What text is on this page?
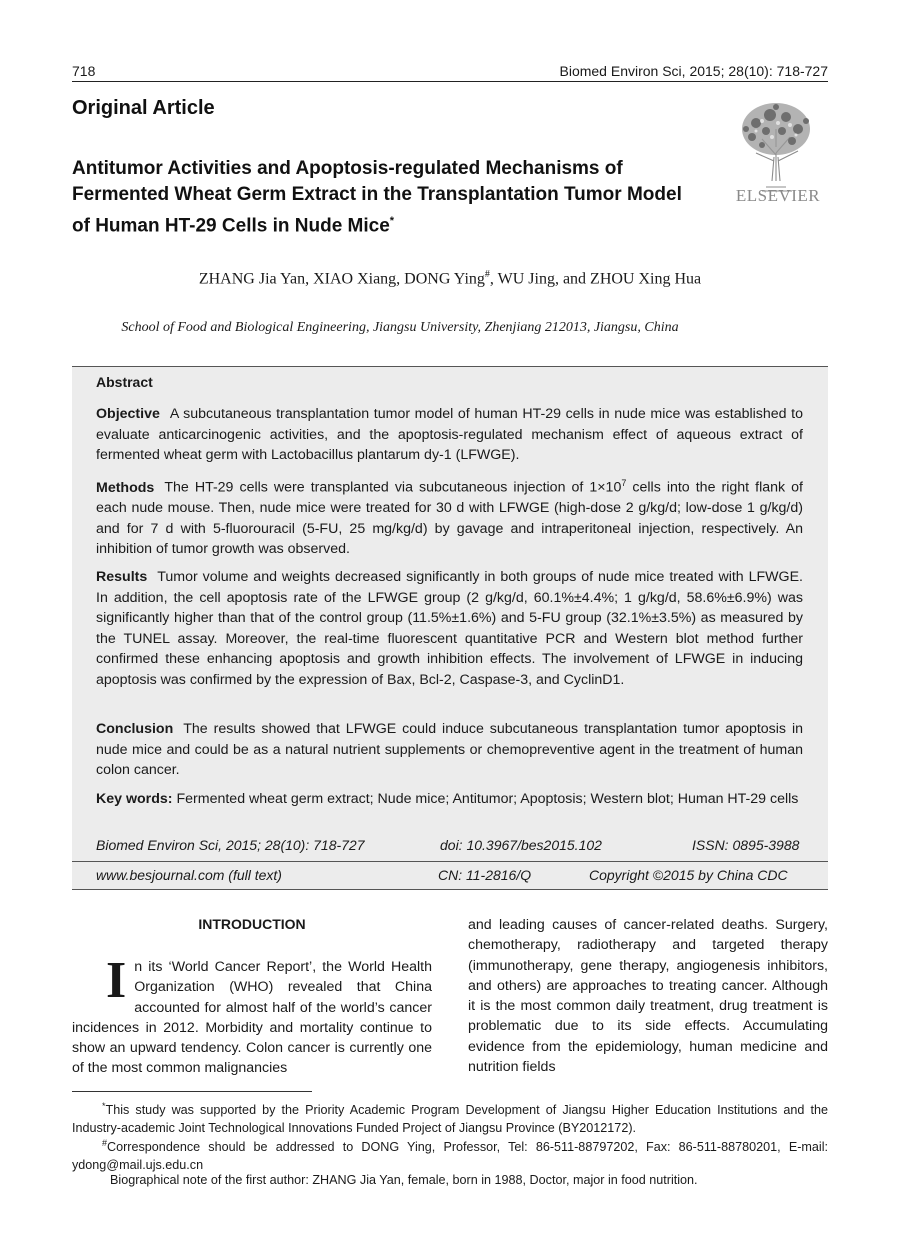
718	Biomed Environ Sci, 2015; 28(10): 718-727
Original Article
Antitumor Activities and Apoptosis-regulated Mechanisms of Fermented Wheat Germ Extract in the Transplantation Tumor Model of Human HT-29 Cells in Nude Mice*
ELSEVIER
ZHANG Jia Yan, XIAO Xiang, DONG Ying#, WU Jing, and ZHOU Xing Hua
School of Food and Biological Engineering, Jiangsu University, Zhenjiang 212013, Jiangsu, China
Abstract
Objective A subcutaneous transplantation tumor model of human HT-29 cells in nude mice was established to evaluate anticarcinogenic activities, and the apoptosis-regulated mechanism effect of aqueous extract of fermented wheat germ with Lactobacillus plantarum dy-1 (LFWGE).
Methods The HT-29 cells were transplanted via subcutaneous injection of $1\times 10^7$ cells into the right flank of each nude mouse. Then, nude mice were treated for 30 d with LFWGE (high-dose 2 g/kg/d; low-dose 1 g/kg/d) and for 7 d with 5-fluorouracil (5-FU, 25 mg/kg/d) by gavage and intraperitoneal injection, respectively. An inhibition of tumor growth was observed.
Results Tumor volume and weights decreased significantly in both groups of nude mice treated with LFWGE. In addition, the cell apoptosis rate of the LFWGE group (2 g/kg/d, 60.1%±4.4%; 1 g/kg/d, 58.6%±6.9%) was significantly higher than that of the control group (11.5%±1.6%) and 5-FU group (32.1%±3.5%) as measured by the TUNEL assay. Moreover, the real-time fluorescent quantitative PCR and Western blot method further confirmed these enhancing apoptosis and growth inhibition effects. The involvement of LFWGE in inducing apoptosis was confirmed by the expression of Bax, Bcl-2, Caspase-3, and CyclinD1.
Conclusion The results showed that LFWGE could induce subcutaneous transplantation tumor apoptosis in nude mice and could be as a natural nutrient supplements or chemopreventive agent in the treatment of human colon cancer.
Key words: Fermented wheat germ extract; Nude mice; Antitumor; Apoptosis; Western blot; Human HT-29 cells
Biomed Environ Sci, 2015; 28(10): 718-727	doi: 10.3967/bes2015.102	ISSN: 0895-3988
www.besjournal.com (full text)	CN: 11-2816/Q	Copyright ©2015 by China CDC
INTRODUCTION
In its ‘World Cancer Report’, the World Health Organization (WHO) revealed that China accounted for almost half of the world’s cancer incidences in 2012. Morbidity and mortality continue to show an upward tendency. Colon cancer is currently one of the most common malignancies
and leading causes of cancer-related deaths. Surgery, chemotherapy, radiotherapy and targeted therapy (immunotherapy, gene therapy, angiogenesis inhibitors, and others) are approaches to treating cancer. Although it is the most common daily treatment, drug treatment is problematic due to its side effects. Accumulating evidence from the epidemiology, human medicine and nutrition fields
*This study was supported by the Priority Academic Program Development of Jiangsu Higher Education Institutions and the Industry-academic Joint Technological Innovations Funded Project of Jiangsu Province (BY2012172).
#Correspondence should be addressed to DONG Ying, Professor, Tel: 86-511-88797202, Fax: 86-511-88780201, E-mail: ydong@mail.ujs.edu.cn
Biographical note of the first author: ZHANG Jia Yan, female, born in 1988, Doctor, major in food nutrition.
